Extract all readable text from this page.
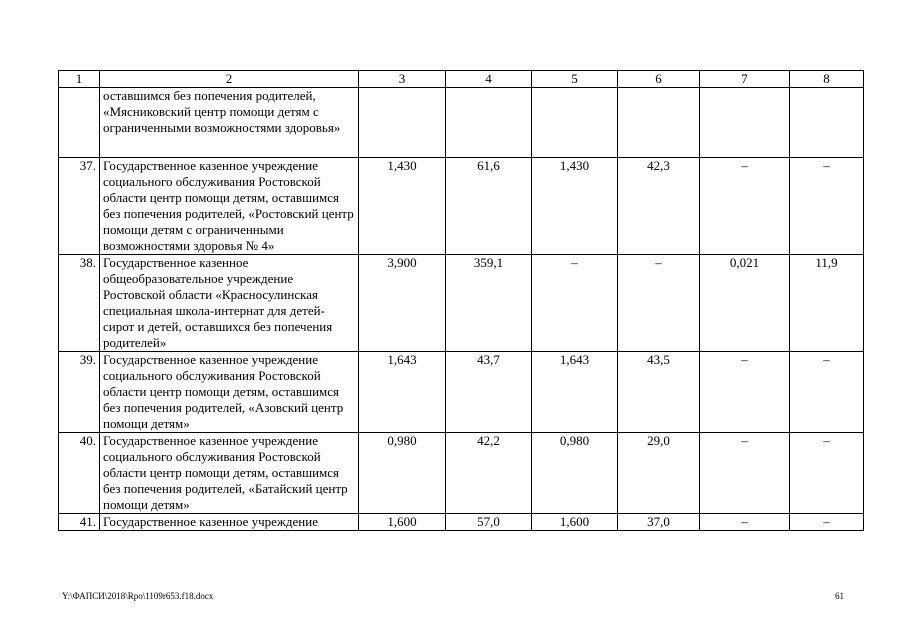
1	2	3	4	5	6	7	8
	оставшимся без попечения родителей, «Мясниковский центр помощи детям с ограниченными возможностями здоровья»						
37.	Государственное казенное учреждение социального обслуживания Ростовской области центр помощи детям, оставшимся без попечения родителей, «Ростовский центр помощи детям с ограниченными возможностями здоровья № 4»	1,430	61,6	1,430	42,3	–	–
38.	Государственное казенное общеобразовательное учреждение Ростовской области «Красносулинская специальная школа-интернат для детей-сирот и детей, оставшихся без попечения родителей»	3,900	359,1	–	–	0,021	11,9
39.	Государственное казенное учреждение социального обслуживания Ростовской области центр помощи детям, оставшимся без попечения родителей, «Азовский центр помощи детям»	1,643	43,7	1,643	43,5	–	–
40.	Государственное казенное учреждение социального обслуживания Ростовской области центр помощи детям, оставшимся без попечения родителей, «Батайский центр помощи детям»	0,980	42,2	0,980	29,0	–	–
41.	Государственное казенное учреждение	1,600	57,0	1,600	37,0	–	–
Y:\ФАПСИ\2018\Rpo\1109r653.f18.docx	61
